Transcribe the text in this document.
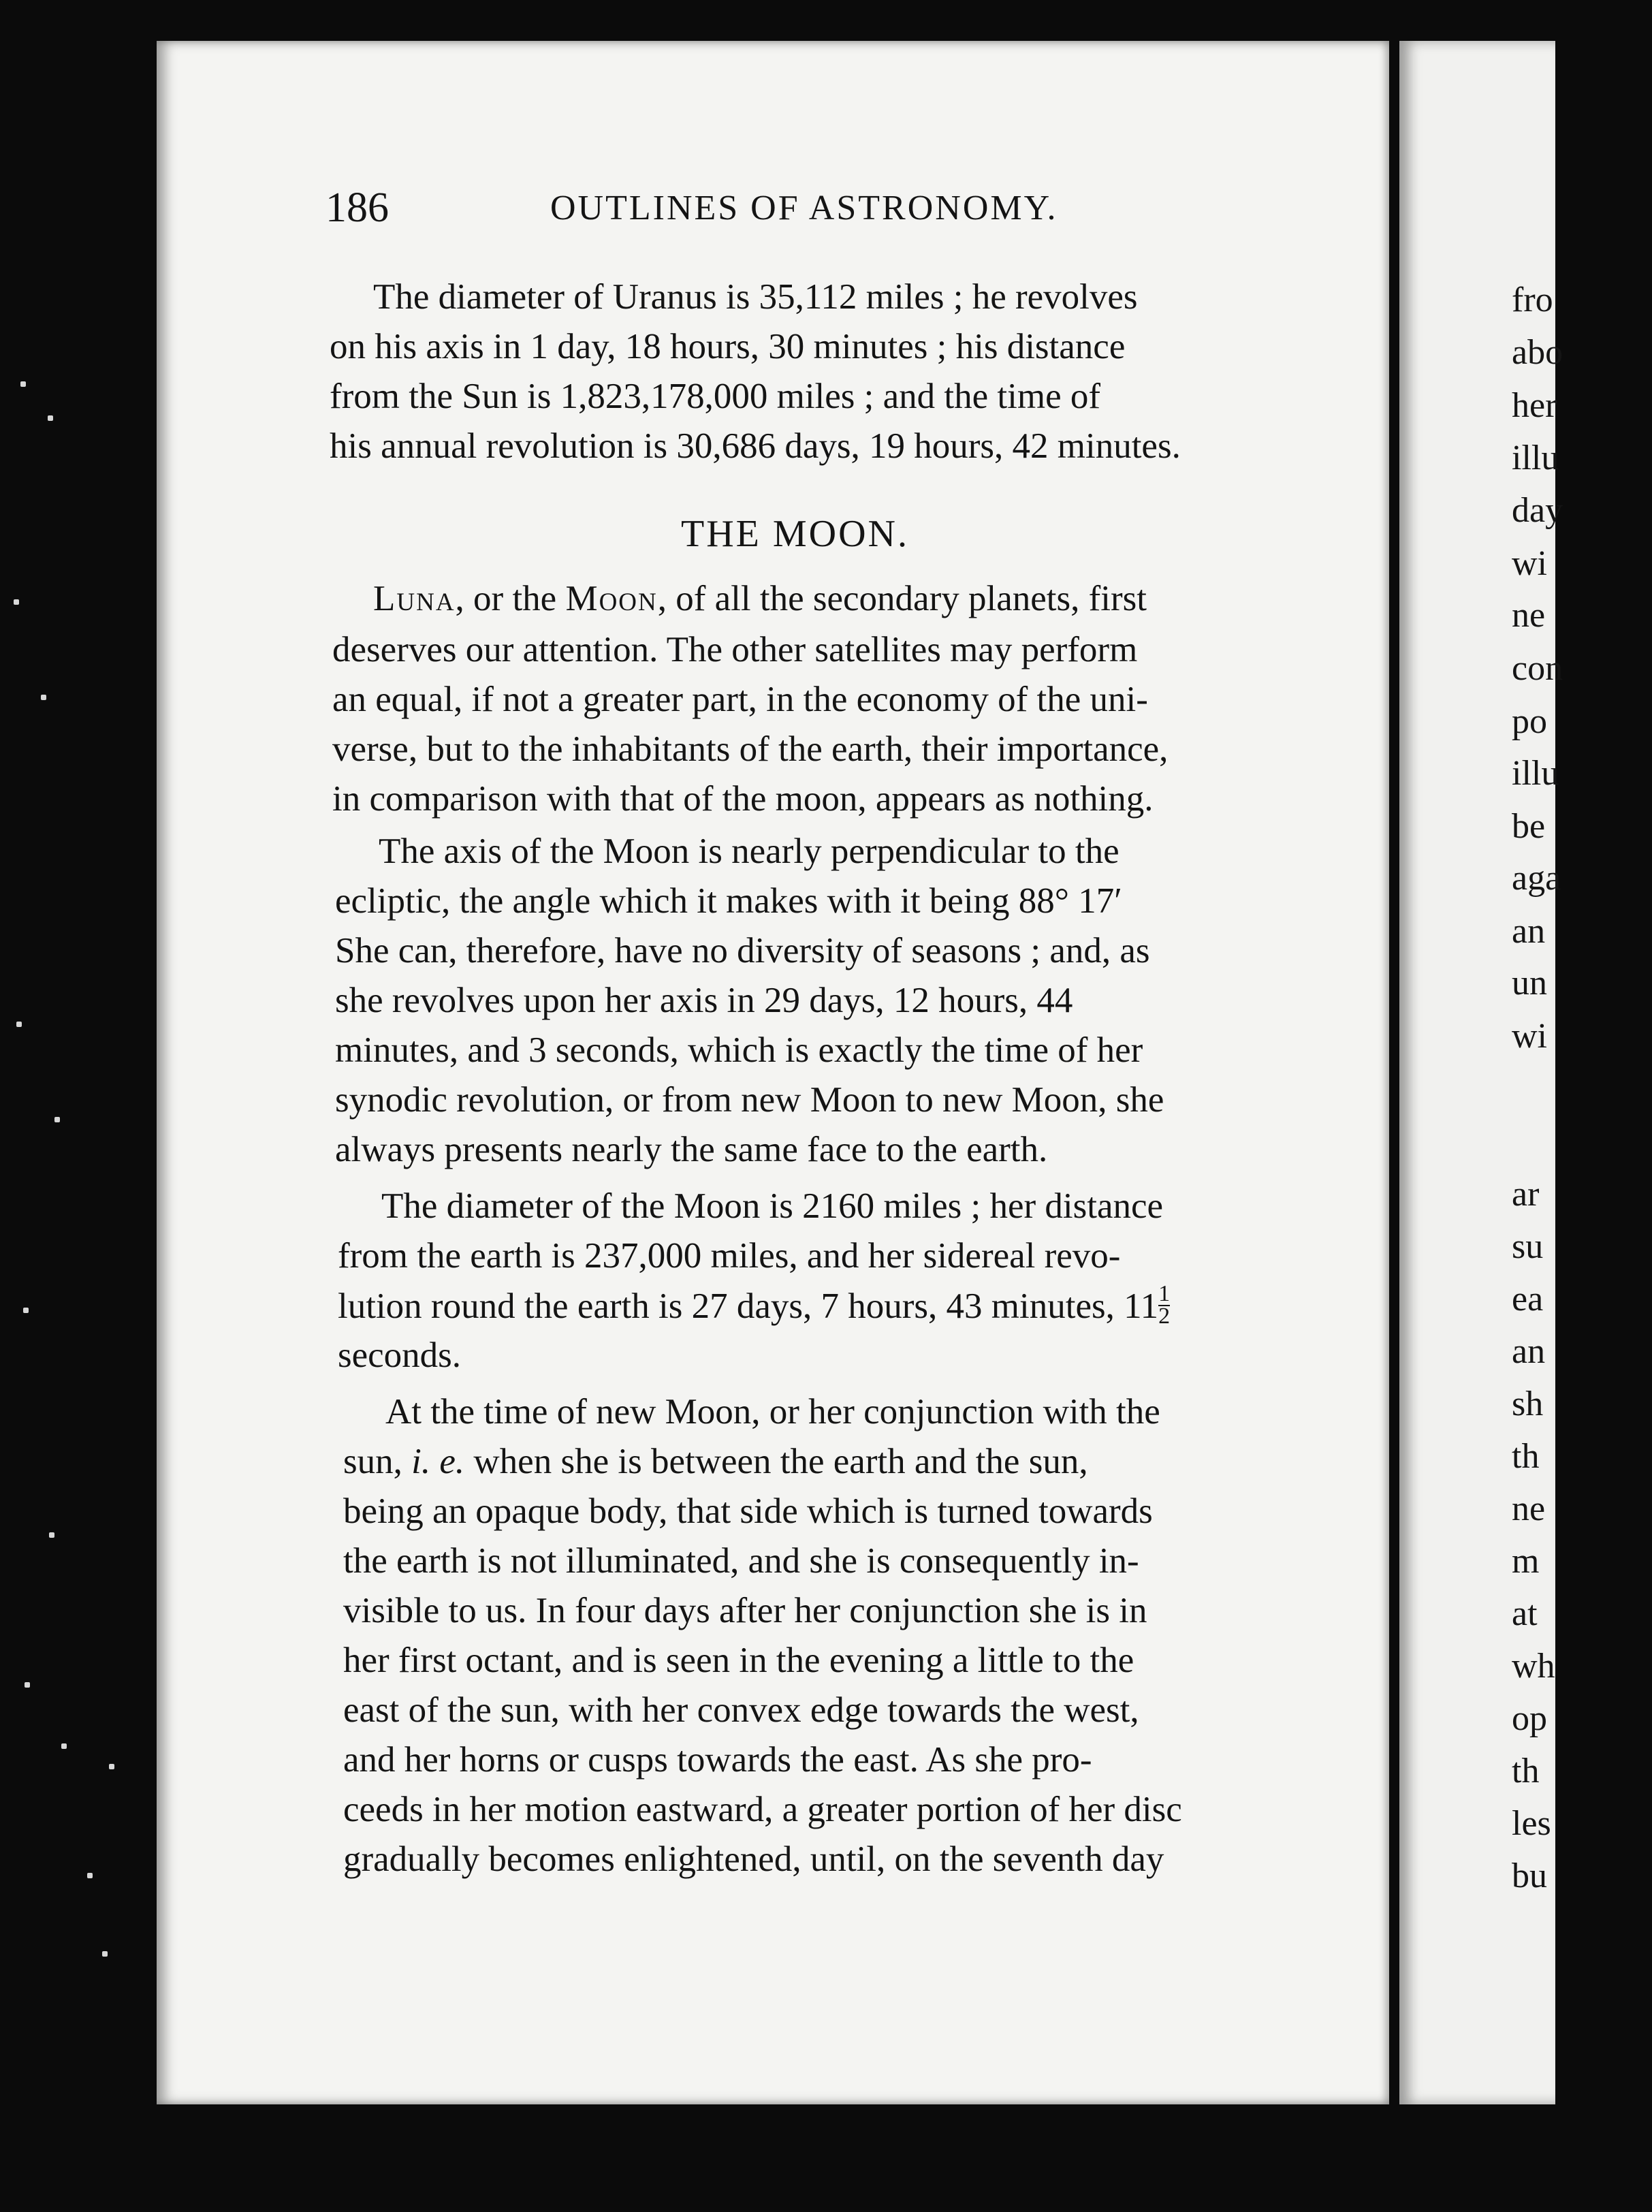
186	OUTLINES OF ASTRONOMY.
The diameter of Uranus is 35,112 miles ; he revolves
on his axis in 1 day, 18 hours, 30 minutes ; his distance
from the Sun is 1,823,178,000 miles ; and the time of
his annual revolution is 30,686 days, 19 hours, 42 minutes.
THE MOON.
Luna, or the Moon, of all the secondary planets, first
deserves our attention. The other satellites may perform
an equal, if not a greater part, in the economy of the uni-
verse, but to the inhabitants of the earth, their importance,
in comparison with that of the moon, appears as nothing.
The axis of the Moon is nearly perpendicular to the
ecliptic, the angle which it makes with it being 88° 17′
She can, therefore, have no diversity of seasons ; and, as
she revolves upon her axis in 29 days, 12 hours, 44
minutes, and 3 seconds, which is exactly the time of her
synodic revolution, or from new Moon to new Moon, she
always presents nearly the same face to the earth.
The diameter of the Moon is 2160 miles ; her distance
from the earth is 237,000 miles, and her sidereal revo-
lution round the earth is 27 days, 7 hours, 43 minutes, $11 \frac{1}{2}$
seconds.
At the time of new Moon, or her conjunction with the
sun, i. e. when she is between the earth and the sun,
being an opaque body, that side which is turned towards
the earth is not illuminated, and she is consequently in-
visible to us. In four days after her conjunction she is in
her first octant, and is seen in the evening a little to the
east of the sun, with her convex edge towards the west,
and her horns or cusps towards the east. As she pro-
ceeds in her motion eastward, a greater portion of her disc
gradually becomes enlightened, until, on the seventh day
fro
abo
her
illu
day
wi
ne
con
po
illu
be
aga
an
un
wi
ar
su
ea
an
sh
th
ne
m
at
wh
op
th
les
bu
